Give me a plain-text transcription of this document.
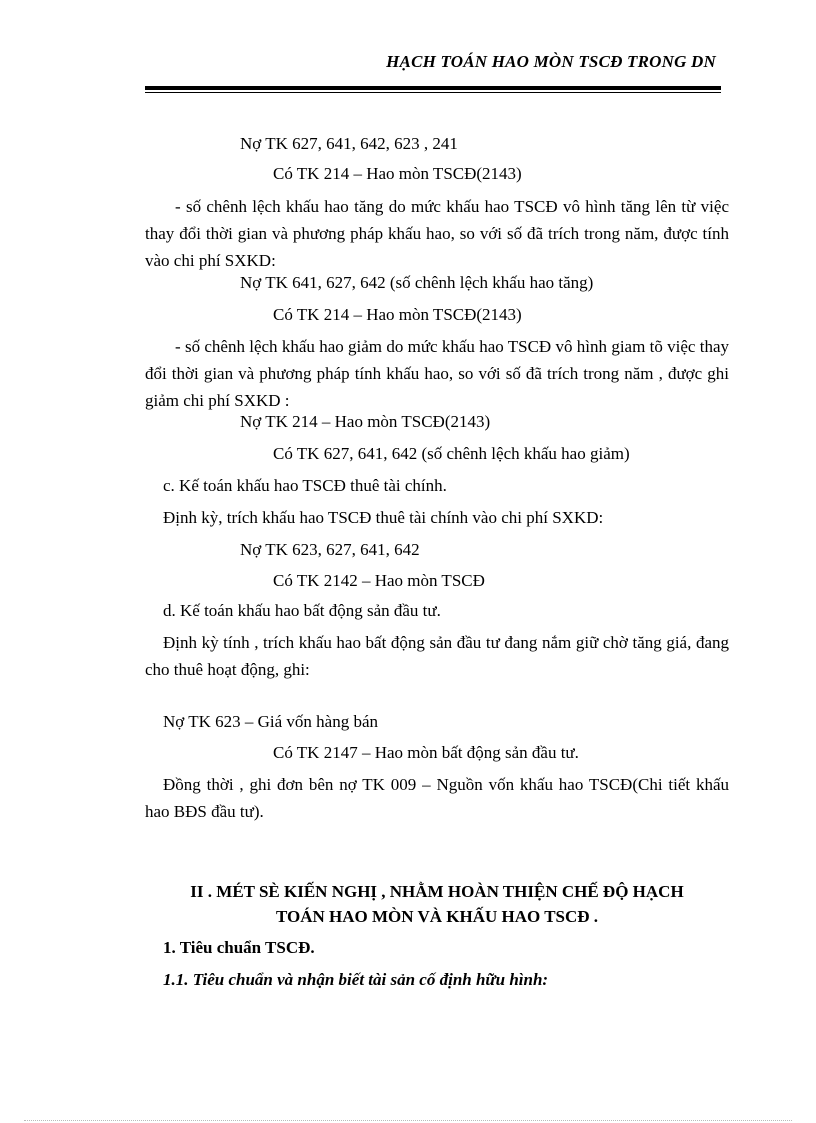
HẠCH TOÁN HAO MÒN TSCĐ TRONG DN
Nợ TK 627, 641, 642, 623 , 241
Có TK 214 – Hao mòn TSCĐ(2143)
- số chênh lệch khấu hao tăng do mức khấu hao TSCĐ vô hình tăng lên từ việc thay đổi thời gian và phương pháp khấu hao, so với số đã trích trong năm, được tính vào chi phí SXKD:
Nợ TK 641, 627, 642 (số chênh lệch khấu hao tăng)
Có TK 214 – Hao mòn TSCĐ(2143)
- số chênh lệch khấu hao giảm do mức khấu hao TSCĐ vô hình giam tõ việc thay đổi thời gian và phương pháp tính khấu hao, so với số đã trích trong năm , được ghi giảm chi phí SXKD :
Nợ TK 214 – Hao mòn TSCĐ(2143)
Có TK 627, 641, 642 (số chênh lệch khấu hao giảm)
c. Kế toán khấu hao TSCĐ thuê tài chính.
Định kỳ, trích khấu hao TSCĐ thuê tài chính vào chi phí SXKD:
Nợ TK 623, 627, 641, 642
Có TK 2142 – Hao mòn TSCĐ
d. Kế toán khấu hao bất động sản đầu tư.
Định kỳ tính , trích khấu hao bất động sản đầu tư đang nắm giữ chờ tăng giá, đang cho thuê hoạt động, ghi:
Nợ TK 623 – Giá vốn hàng bán
Có TK 2147 – Hao mòn bất động sản đầu tư.
Đồng thời , ghi đơn bên nợ TK 009 – Nguồn vốn khấu hao TSCĐ(Chi tiết khấu hao BĐS đầu tư).
II . MÉT SÈ KIẾN NGHỊ , NHẰM HOÀN THIỆN CHẾ ĐỘ HẠCH
TOÁN HAO MÒN VÀ KHẤU HAO TSCĐ .
1. Tiêu chuẩn TSCĐ.
1.1. Tiêu chuẩn và nhận biết tài sản cố định hữu hình:
